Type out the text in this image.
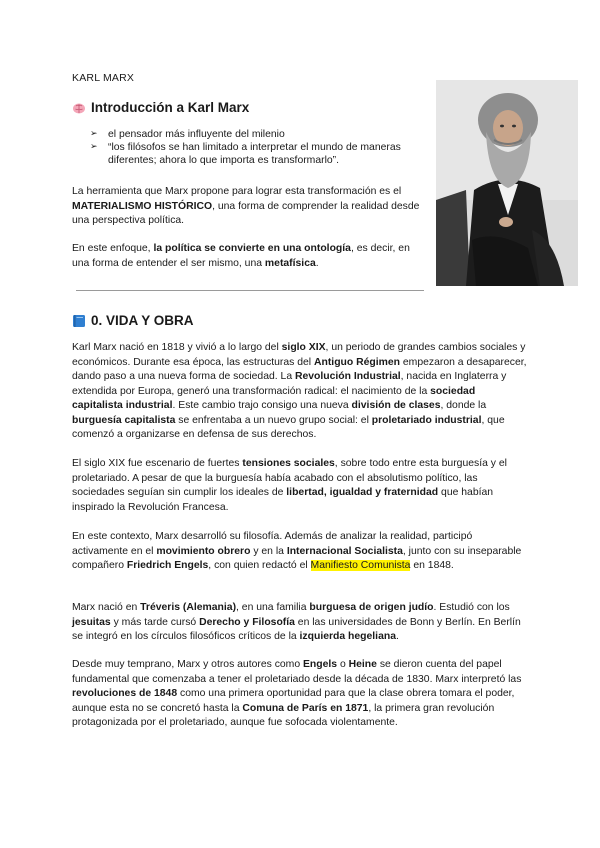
KARL MARX
Introducción a Karl Marx
➢ el pensador más influyente del milenio
➢ “los filósofos se han limitado a interpretar el mundo de maneras diferentes; ahora lo que importa es transformarlo”.

La herramienta que Marx propone para lograr esta transformación es el MATERIALISMO HISTÓRICO, una forma de comprender la realidad desde una perspectiva política.

En este enfoque, la política se convierte en una ontología, es decir, en una forma de entender el ser mismo, una metafísica.

0. VIDA Y OBRA

Karl Marx nació en 1818 y vivió a lo largo del siglo XIX, un periodo de grandes cambios sociales y económicos. Durante esa época, las estructuras del Antiguo Régimen empezaron a desaparecer, dando paso a una nueva forma de sociedad. La Revolución Industrial, nacida en Inglaterra y extendida por Europa, generó una transformación radical: el nacimiento de la sociedad capitalista industrial. Este cambio trajo consigo una nueva división de clases, donde la burguesía capitalista se enfrentaba a un nuevo grupo social: el proletariado industrial, que comenzó a organizarse en defensa de sus derechos.

El siglo XIX fue escenario de fuertes tensiones sociales, sobre todo entre esta burguesía y el proletariado. A pesar de que la burguesía había acabado con el absolutismo político, las sociedades seguían sin cumplir los ideales de libertad, igualdad y fraternidad que habían inspirado la Revolución Francesa.

En este contexto, Marx desarrolló su filosofía. Además de analizar la realidad, participó activamente en el movimiento obrero y en la Internacional Socialista, junto con su inseparable compañero Friedrich Engels, con quien redactó el Manifiesto Comunista en 1848.

Marx nació en Tréveris (Alemania), en una familia burguesa de origen judío. Estudió con los jesuitas y más tarde cursó Derecho y Filosofía en las universidades de Bonn y Berlín. En Berlín se integró en los círculos filosóficos críticos de la izquierda hegeliana.

Desde muy temprano, Marx y otros autores como Engels o Heine se dieron cuenta del papel fundamental que comenzaba a tener el proletariado desde la década de 1830. Marx interpretó las revoluciones de 1848 como una primera oportunidad para que la clase obrera tomara el poder, aunque esta no se concretó hasta la Comuna de París en 1871, la primera gran revolución protagonizada por el proletariado, aunque fue sofocada violentamente.
